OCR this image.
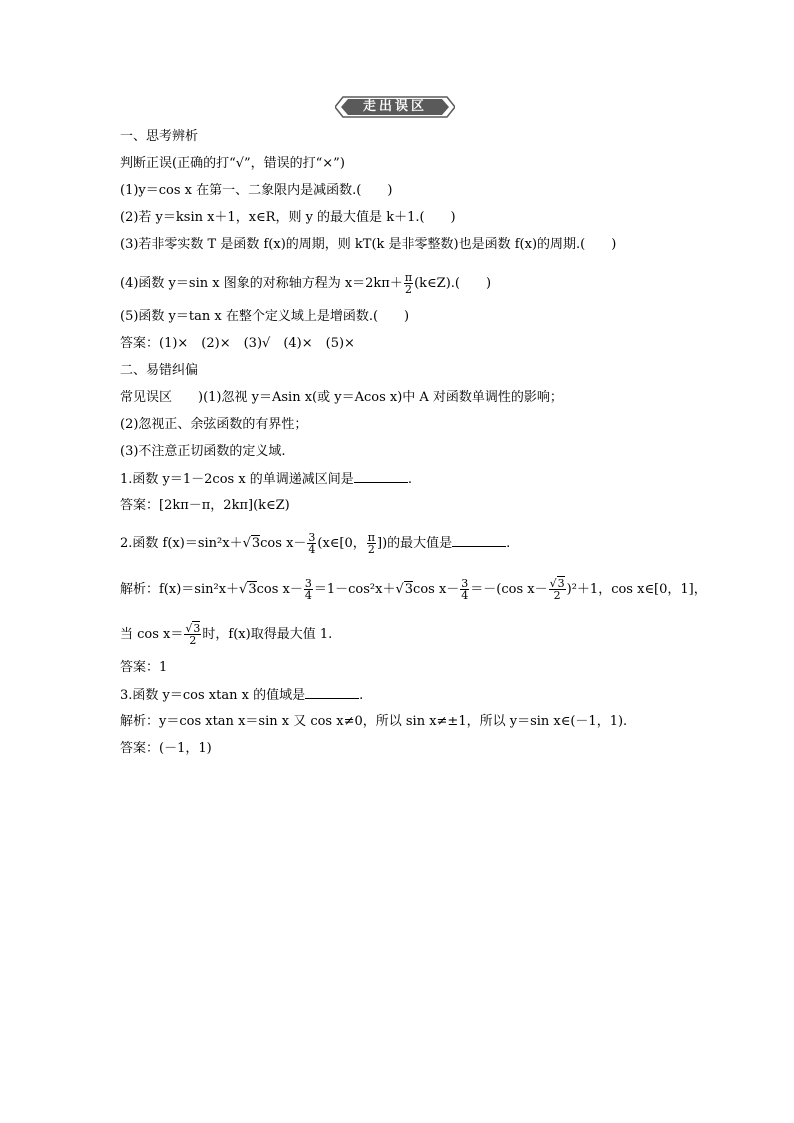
走出误区
一、思考辨析
判断正误(正确的打“√”，错误的打“×”)
(1)y＝cos x 在第一、二象限内是减函数.(　　)
(2)若 y＝ksin x＋1，x∈R，则 y 的最大值是 k＋1.(　　)
(3)若非零实数 T 是函数 f(x)的周期，则 kT(k 是非零整数)也是函数 f(x)的周期.(　　)
(4)函数 y＝sin x 图象的对称轴方程为 $x=2k\pi+ \frac{\pi}{2}$ (k∈Z).(　　)
(5)函数 y＝tan x 在整个定义域上是增函数.(　　)
答案：(1)×　(2)×　(3)√　(4)×　(5)×
二、易错纠偏
常见误区 )(1)忽视 y＝Asin x(或 y＝Acos x)中 A 对函数单调性的影响；
(2)忽视正、余弦函数的有界性；
(3)不注意正切函数的定义域.
1.函数 y＝1－2cos x 的单调递减区间是	.
答案：[2kπ－π，2kπ](k∈Z)
2.函数 f(x)＝sin²x＋√3cos $x- \frac{3}{4}$ (x∈[0， $\frac{\pi}{2}$ ])的最大值是	.
解析：f(x)＝sin²x＋√3cos $x- \frac{3}{4} =1-\cos^2x+√3\cos$ $x- \frac{3}{4} =-(\cos$ $x- \frac{√3}{2} )^2+1$，cos x∈[0，1]，
当 $\cos x= \frac{√3}{2}$ 时，f(x)取得最大值 1.
答案：1
3.函数 y＝cos xtan x 的值域是	.
解析：y＝cos xtan x＝sin x 又 cos x≠0，所以 sin x≠±1，所以 y＝sin x∈(－1，1).
答案：(－1，1)
